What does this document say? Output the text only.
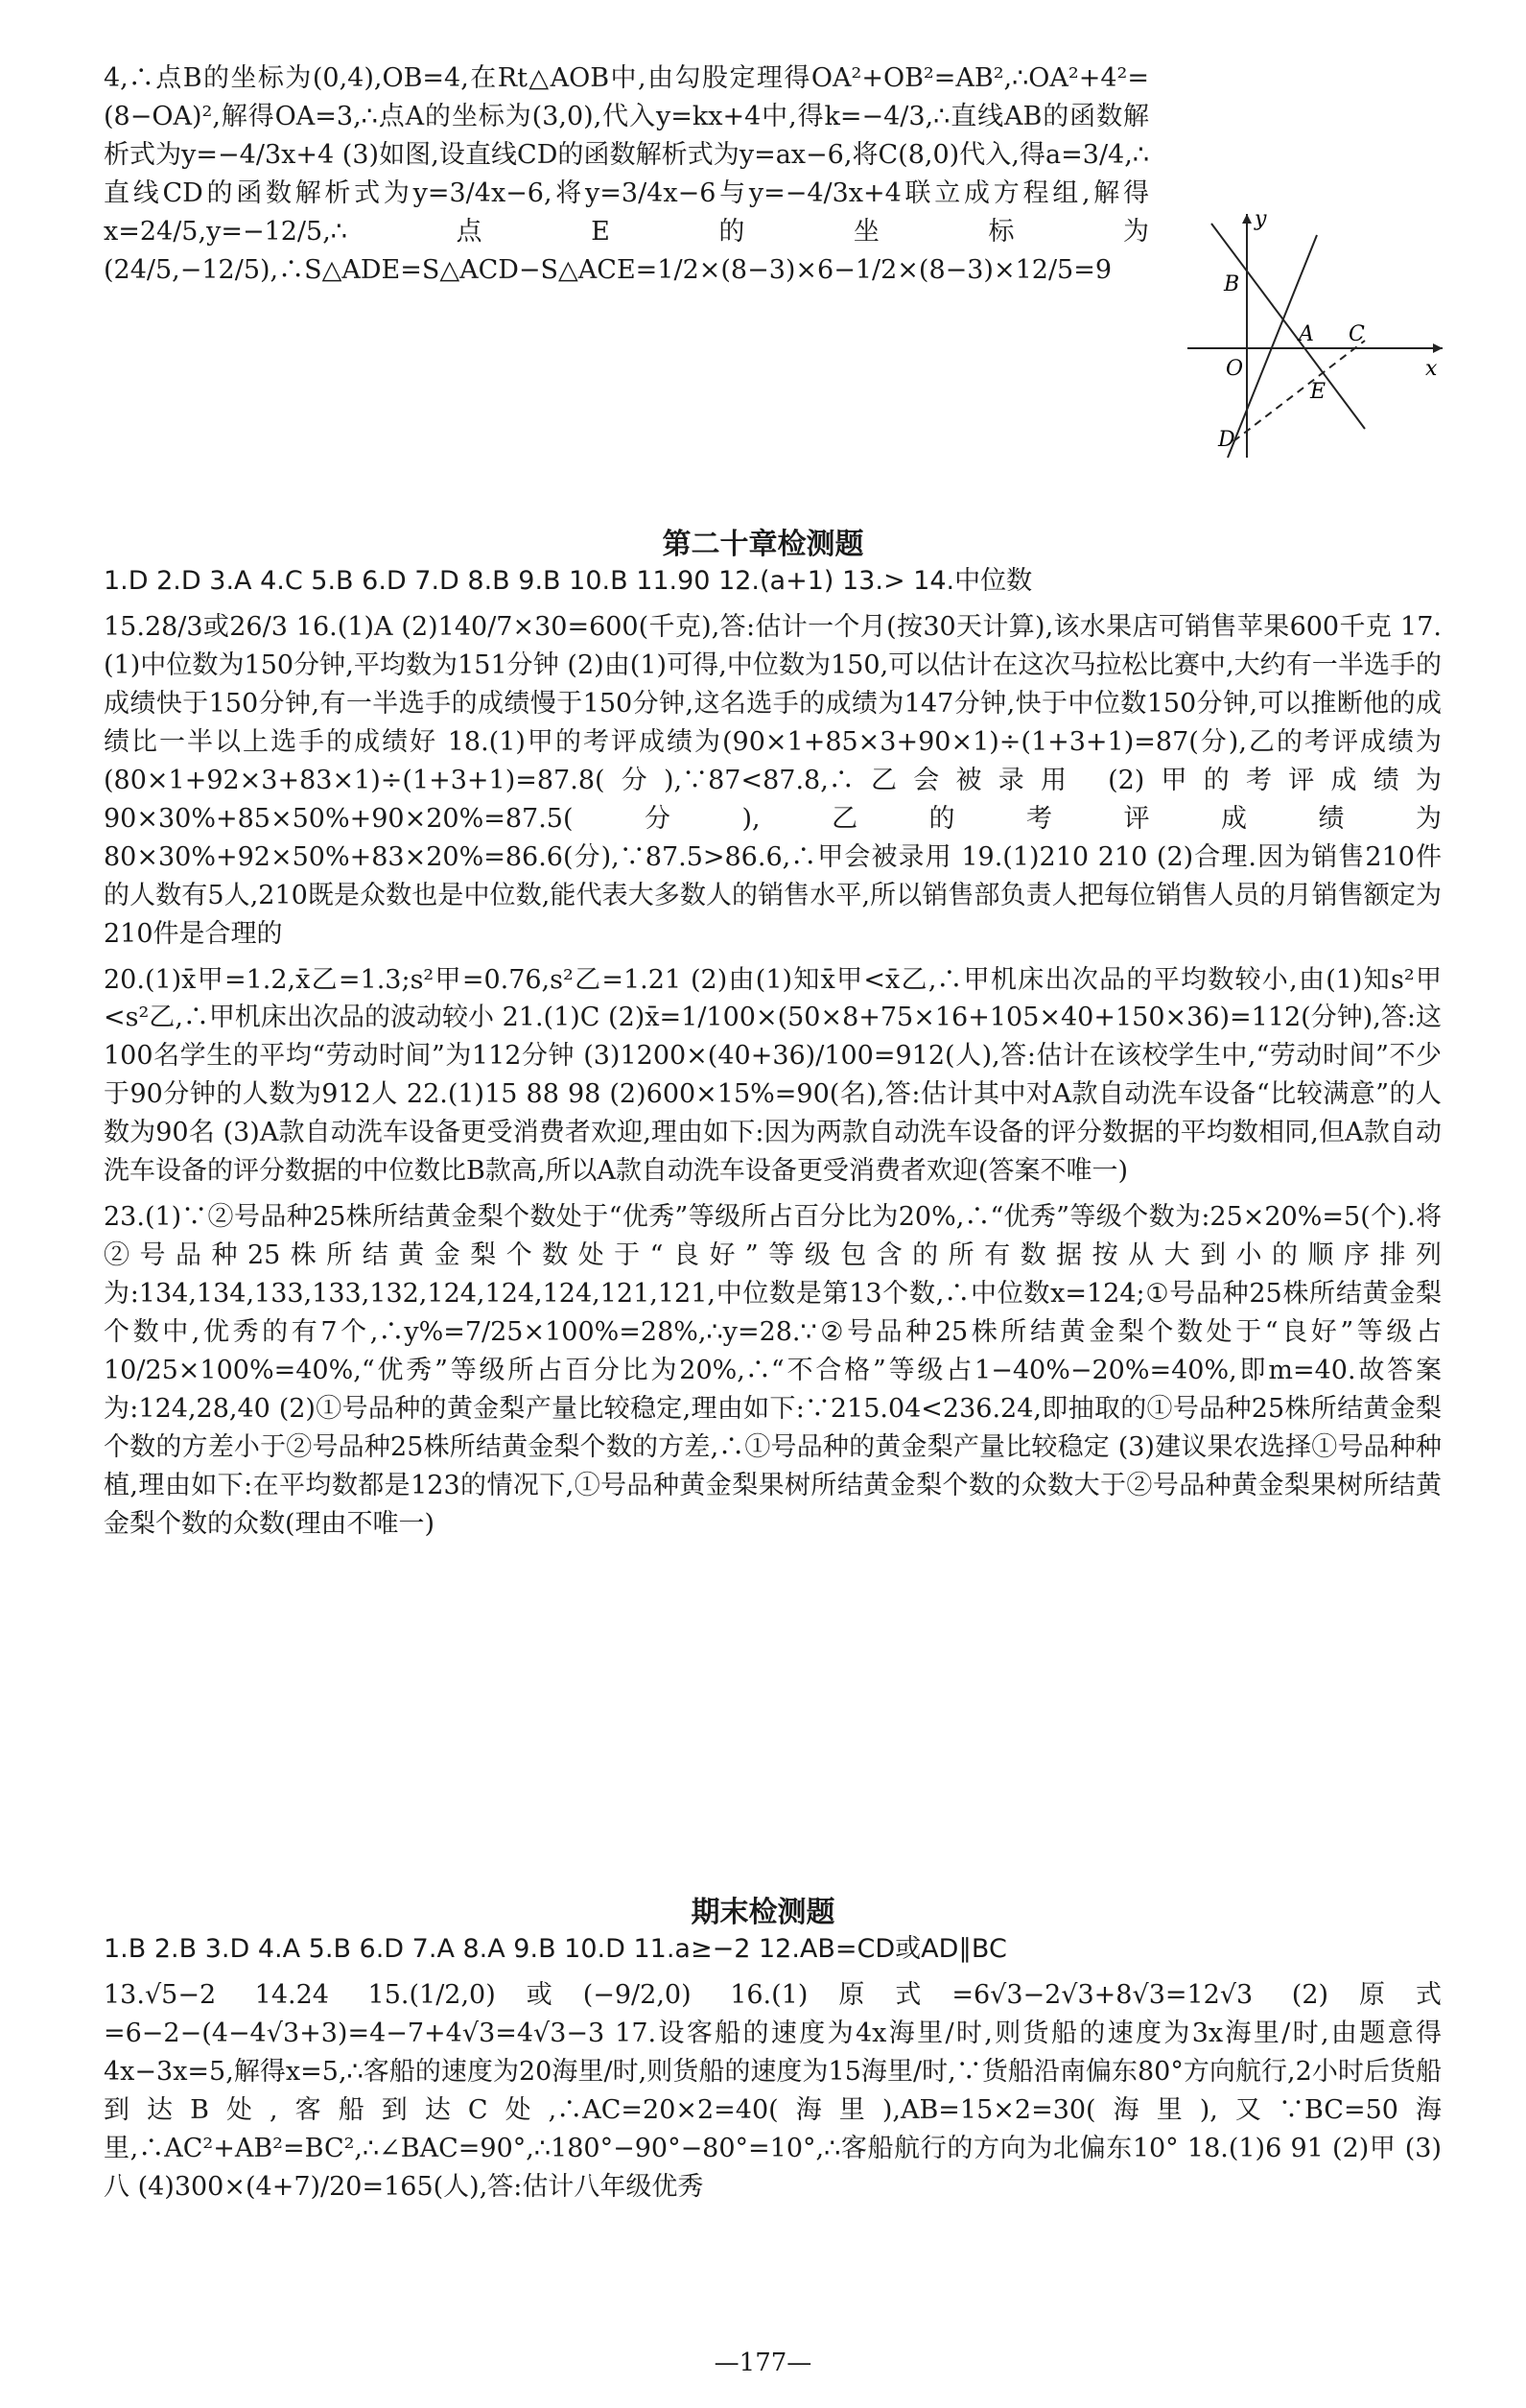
4,∴点B的坐标为(0,4),OB=4,在Rt△AOB中,由勾股定理得OA²+OB²=AB²,∴OA²+4²=(8−OA)²,解得OA=3,∴点A的坐标为(3,0),代入y=kx+4中,得k=−4/3,∴直线AB的函数解析式为y=−4/3x+4 (3)如图,设直线CD的函数解析式为y=ax−6,将C(8,0)代入,得a=3/4,∴直线CD的函数解析式为y=3/4x−6,将y=3/4x−6与y=−4/3x+4联立成方程组,解得x=24/5,y=−12/5,∴点E的坐标为(24/5,−12/5),∴S△ADE=S△ACD−S△ACE=1/2×(8−3)×6−1/2×(8−3)×12/5=9	B
y
A C
O	x
E
D
第二十章检测题

1.D 2.D 3.A 4.C 5.B 6.D 7.D 8.B 9.B 10.B 11.90 12.(a+1) 13.> 14.中位数

15.28/3或26/3 16.(1)A (2)140/7×30=600(千克),答:估计一个月(按30天计算),该水果店可销售苹果600千克 17.(1)中位数为150分钟,平均数为151分钟 (2)由(1)可得,中位数为150,可以估计在这次马拉松比赛中,大约有一半选手的成绩快于150分钟,有一半选手的成绩慢于150分钟,这名选手的成绩为147分钟,快于中位数150分钟,可以推断他的成绩比一半以上选手的成绩好 18.(1)甲的考评成绩为(90×1+85×3+90×1)÷(1+3+1)=87(分),乙的考评成绩为(80×1+92×3+83×1)÷(1+3+1)=87.8(分),∵87<87.8,∴乙会被录用 (2)甲的考评成绩为90×30%+85×50%+90×20%=87.5(分),乙的考评成绩为80×30%+92×50%+83×20%=86.6(分),∵87.5>86.6,∴甲会被录用 19.(1)210 210 (2)合理.因为销售210件的人数有5人,210既是众数也是中位数,能代表大多数人的销售水平,所以销售部负责人把每位销售人员的月销售额定为210件是合理的

20.(1)x̄甲=1.2,x̄乙=1.3;s²甲=0.76,s²乙=1.21 (2)由(1)知x̄甲<x̄乙,∴甲机床出次品的平均数较小,由(1)知s²甲<s²乙,∴甲机床出次品的波动较小 21.(1)C (2)x̄=1/100×(50×8+75×16+105×40+150×36)=112(分钟),答:这100名学生的平均“劳动时间”为112分钟 (3)1200×(40+36)/100=912(人),答:估计在该校学生中,“劳动时间”不少于90分钟的人数为912人 22.(1)15 88 98 (2)600×15%=90(名),答:估计其中对A款自动洗车设备“比较满意”的人数为90名 (3)A款自动洗车设备更受消费者欢迎,理由如下:因为两款自动洗车设备的评分数据的平均数相同,但A款自动洗车设备的评分数据的中位数比B款高,所以A款自动洗车设备更受消费者欢迎(答案不唯一)

23.(1)∵②号品种25株所结黄金梨个数处于“优秀”等级所占百分比为20%,∴“优秀”等级个数为:25×20%=5(个).将②号品种25株所结黄金梨个数处于“良好”等级包含的所有数据按从大到小的顺序排列为:134,134,133,133,132,124,124,124,121,121,中位数是第13个数,∴中位数x=124;①号品种25株所结黄金梨个数中,优秀的有7个,∴y%=7/25×100%=28%,∴y=28.∵②号品种25株所结黄金梨个数处于“良好”等级占10/25×100%=40%,“优秀”等级所占百分比为20%,∴“不合格”等级占1−40%−20%=40%,即m=40.故答案为:124,28,40 (2)①号品种的黄金梨产量比较稳定,理由如下:∵215.04<236.24,即抽取的①号品种25株所结黄金梨个数的方差小于②号品种25株所结黄金梨个数的方差,∴①号品种的黄金梨产量比较稳定 (3)建议果农选择①号品种种植,理由如下:在平均数都是123的情况下,①号品种黄金梨果树所结黄金梨个数的众数大于②号品种黄金梨果树所结黄金梨个数的众数(理由不唯一)

期末检测题

1.B 2.B 3.D 4.A 5.B 6.D 7.A 8.A 9.B 10.D 11.a≥−2 12.AB=CD或AD∥BC

13.√5−2 14.24 15.(1/2,0)或(−9/2,0) 16.(1)原式=6√3−2√3+8√3=12√3 (2)原式=6−2−(4−4√3+3)=4−7+4√3=4√3−3 17.设客船的速度为4x海里/时,则货船的速度为3x海里/时,由题意得4x−3x=5,解得x=5,∴客船的速度为20海里/时,则货船的速度为15海里/时,∵货船沿南偏东80°方向航行,2小时后货船到达B处,客船到达C处,∴AC=20×2=40(海里),AB=15×2=30(海里),又∵BC=50海里,∴AC²+AB²=BC²,∴∠BAC=90°,∴180°−90°−80°=10°,∴客船航行的方向为北偏东10° 18.(1)6 91 (2)甲 (3)八 (4)300×(4+7)/20=165(人),答:估计八年级优秀

—177—
